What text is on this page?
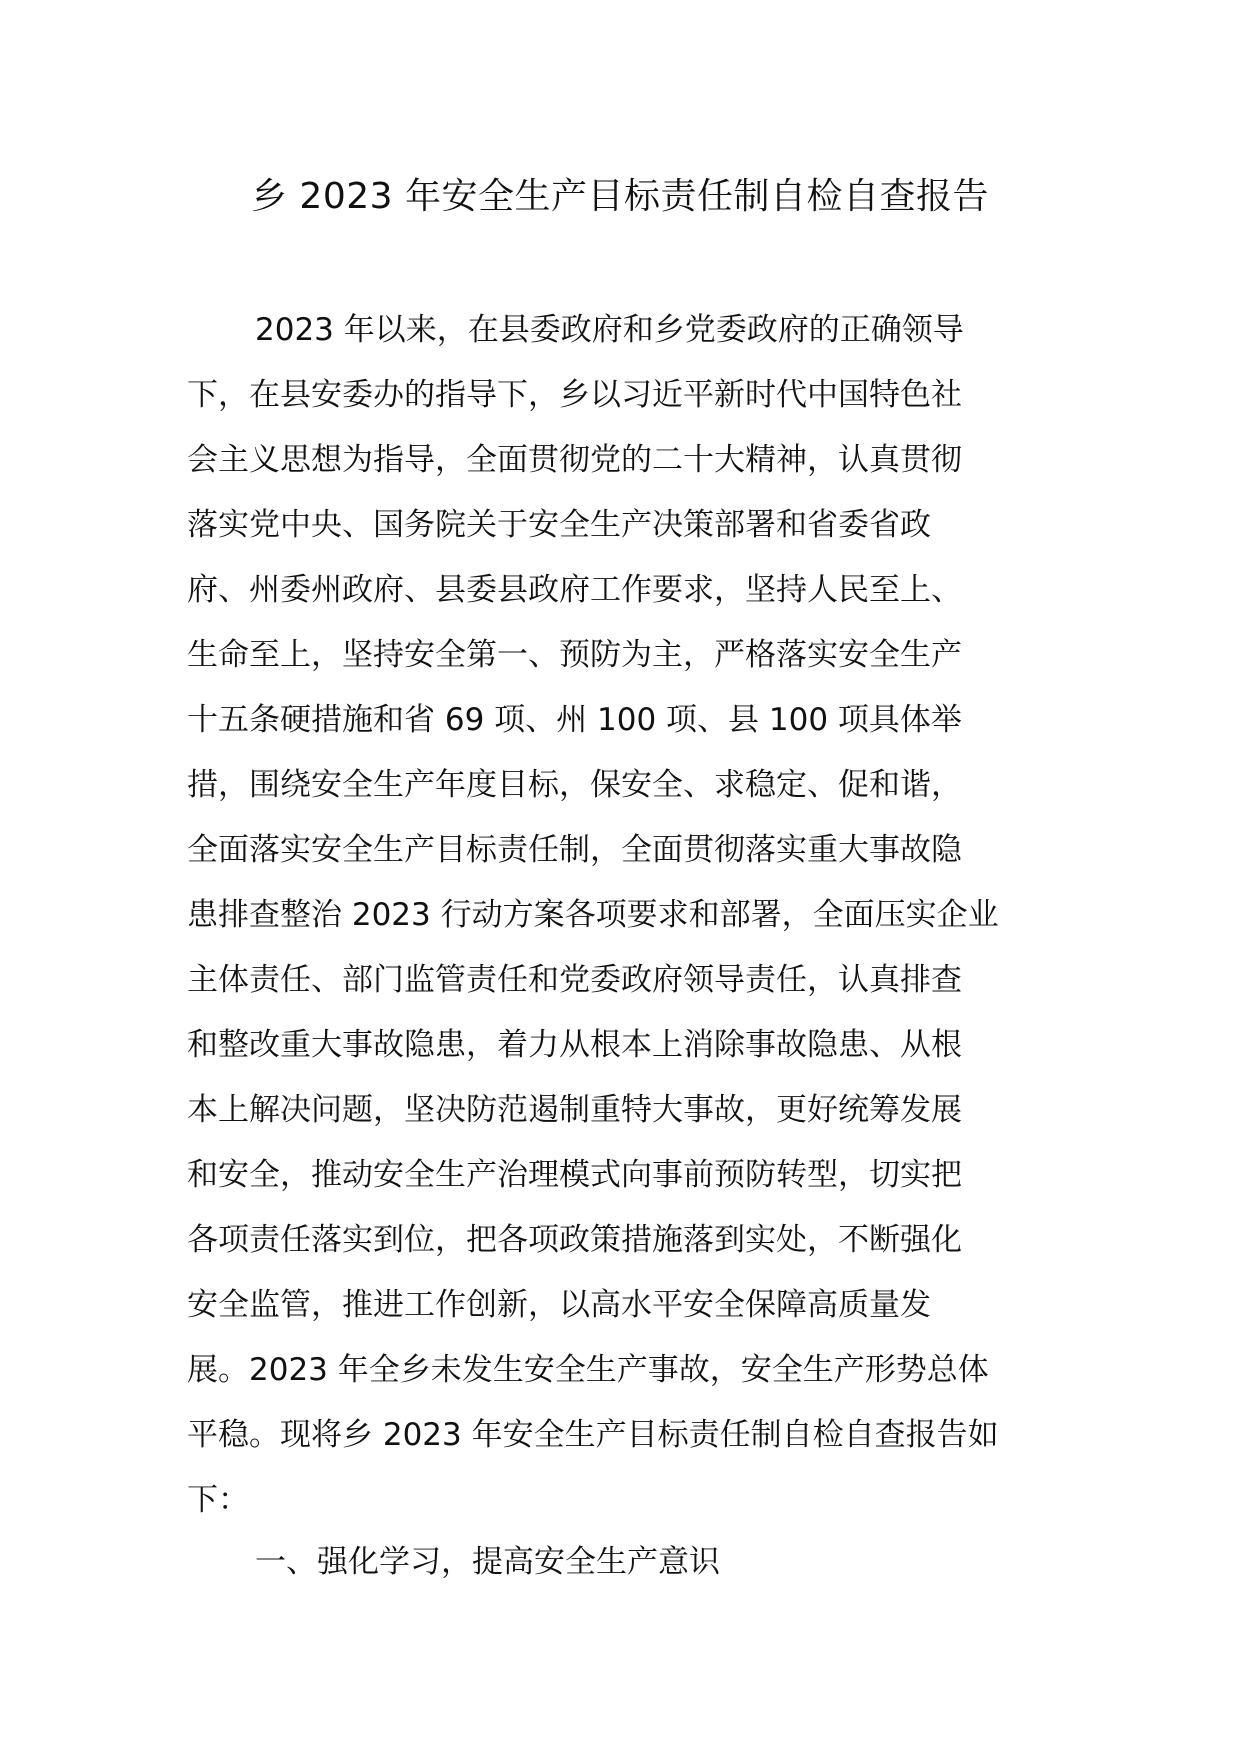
乡 2023 年安全生产目标责任制自检自查报告
2023 年以来，在县委政府和乡党委政府的正确领导
下，在县安委办的指导下，乡以习近平新时代中国特色社
会主义思想为指导，全面贯彻党的二十大精神，认真贯彻
落实党中央、国务院关于安全生产决策部署和省委省政
府、州委州政府、县委县政府工作要求，坚持人民至上、
生命至上，坚持安全第一、预防为主，严格落实安全生产
十五条硬措施和省 69 项、州 100 项、县 100 项具体举
措，围绕安全生产年度目标，保安全、求稳定、促和谐，
全面落实安全生产目标责任制，全面贯彻落实重大事故隐
患排查整治 2023 行动方案各项要求和部署，全面压实企业
主体责任、部门监管责任和党委政府领导责任，认真排查
和整改重大事故隐患，着力从根本上消除事故隐患、从根
本上解决问题，坚决防范遏制重特大事故，更好统筹发展
和安全，推动安全生产治理模式向事前预防转型，切实把
各项责任落实到位，把各项政策措施落到实处，不断强化
安全监管，推进工作创新，以高水平安全保障高质量发
展。2023 年全乡未发生安全生产事故，安全生产形势总体
平稳。现将乡 2023 年安全生产目标责任制自检自查报告如
下：
一、强化学习，提高安全生产意识
